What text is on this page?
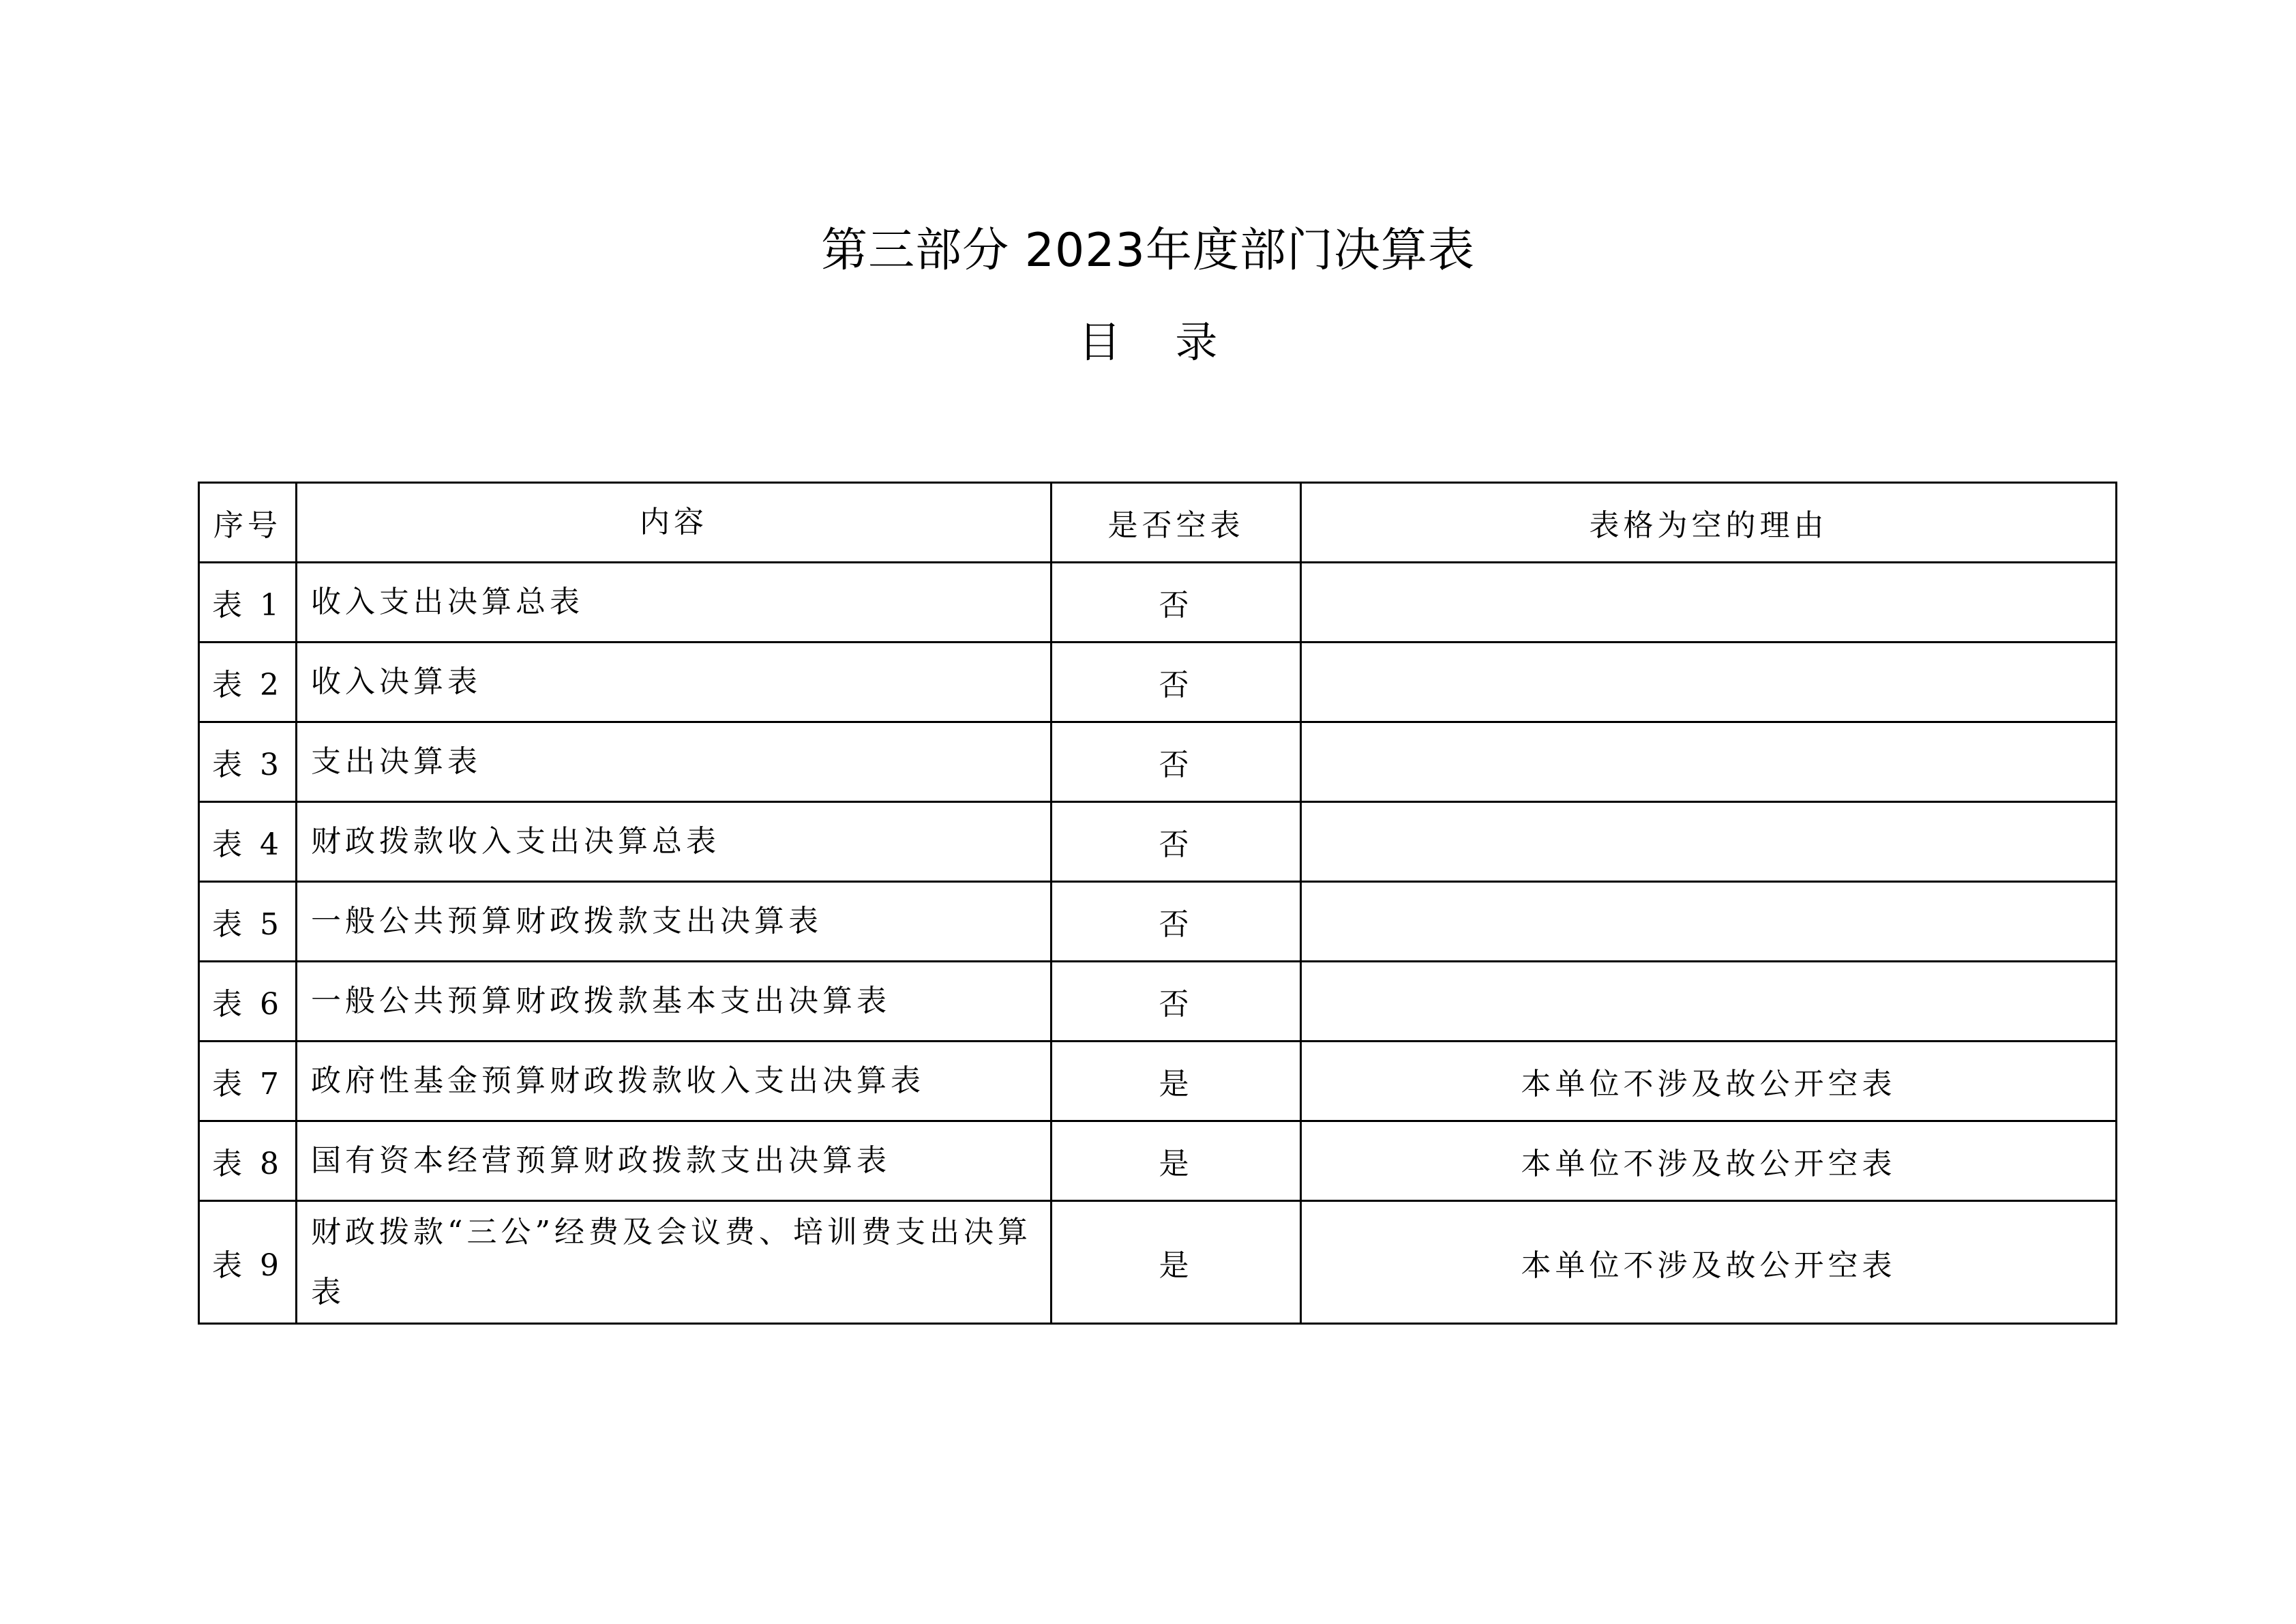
第三部分 2023年度部门决算表
目 录
序号	内容	是否空表	表格为空的理由
表 1	收入支出决算总表	否	
表 2	收入决算表	否	
表 3	支出决算表	否	
表 4	财政拨款收入支出决算总表	否	
表 5	一般公共预算财政拨款支出决算表	否	
表 6	一般公共预算财政拨款基本支出决算表	否	
表 7	政府性基金预算财政拨款收入支出决算表	是	本单位不涉及故公开空表
表 8	国有资本经营预算财政拨款支出决算表	是	本单位不涉及故公开空表
表 9	财政拨款“三公”经费及会议费、培训费支出决算表	是	本单位不涉及故公开空表
